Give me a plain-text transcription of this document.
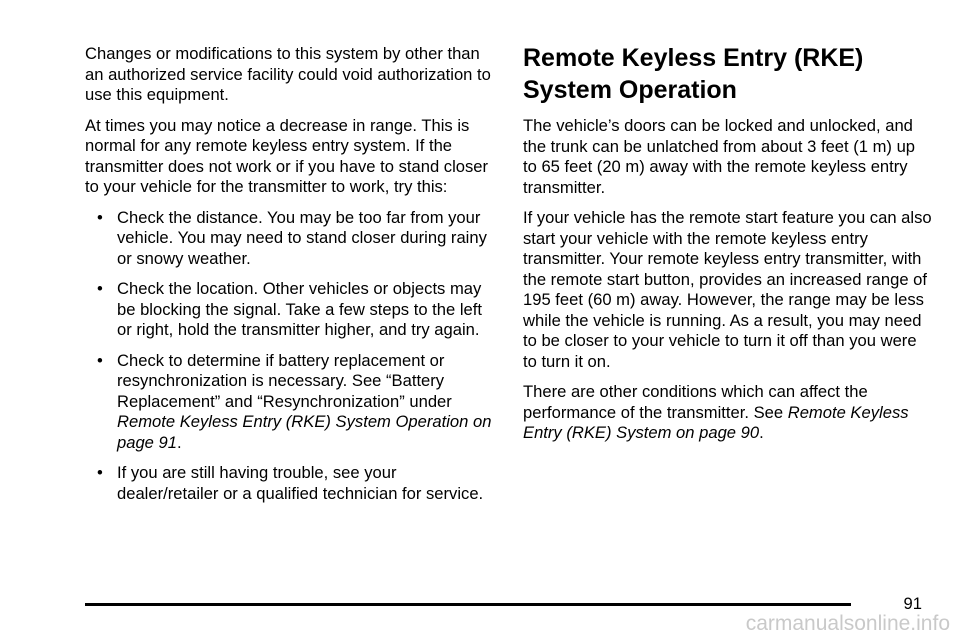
Changes or modifications to this system by other than an authorized service facility could void authorization to use this equipment.

At times you may notice a decrease in range. This is normal for any remote keyless entry system. If the transmitter does not work or if you have to stand closer to your vehicle for the transmitter to work, try this:

• Check the distance. You may be too far from your vehicle. You may need to stand closer during rainy or snowy weather.
• Check the location. Other vehicles or objects may be blocking the signal. Take a few steps to the left or right, hold the transmitter higher, and try again.
• Check to determine if battery replacement or resynchronization is necessary. See “Battery Replacement” and “Resynchronization” under Remote Keyless Entry (RKE) System Operation on page 91.
• If you are still having trouble, see your dealer/retailer or a qualified technician for service.
Remote Keyless Entry (RKE) System Operation

The vehicle’s doors can be locked and unlocked, and the trunk can be unlatched from about 3 feet (1 m) up to 65 feet (20 m) away with the remote keyless entry transmitter.

If your vehicle has the remote start feature you can also start your vehicle with the remote keyless entry transmitter. Your remote keyless entry transmitter, with the remote start button, provides an increased range of 195 feet (60 m) away. However, the range may be less while the vehicle is running. As a result, you may need to be closer to your vehicle to turn it off than you were to turn it on.

There are other conditions which can affect the performance of the transmitter. See Remote Keyless Entry (RKE) System on page 90.

91
carmanualsonline.info
